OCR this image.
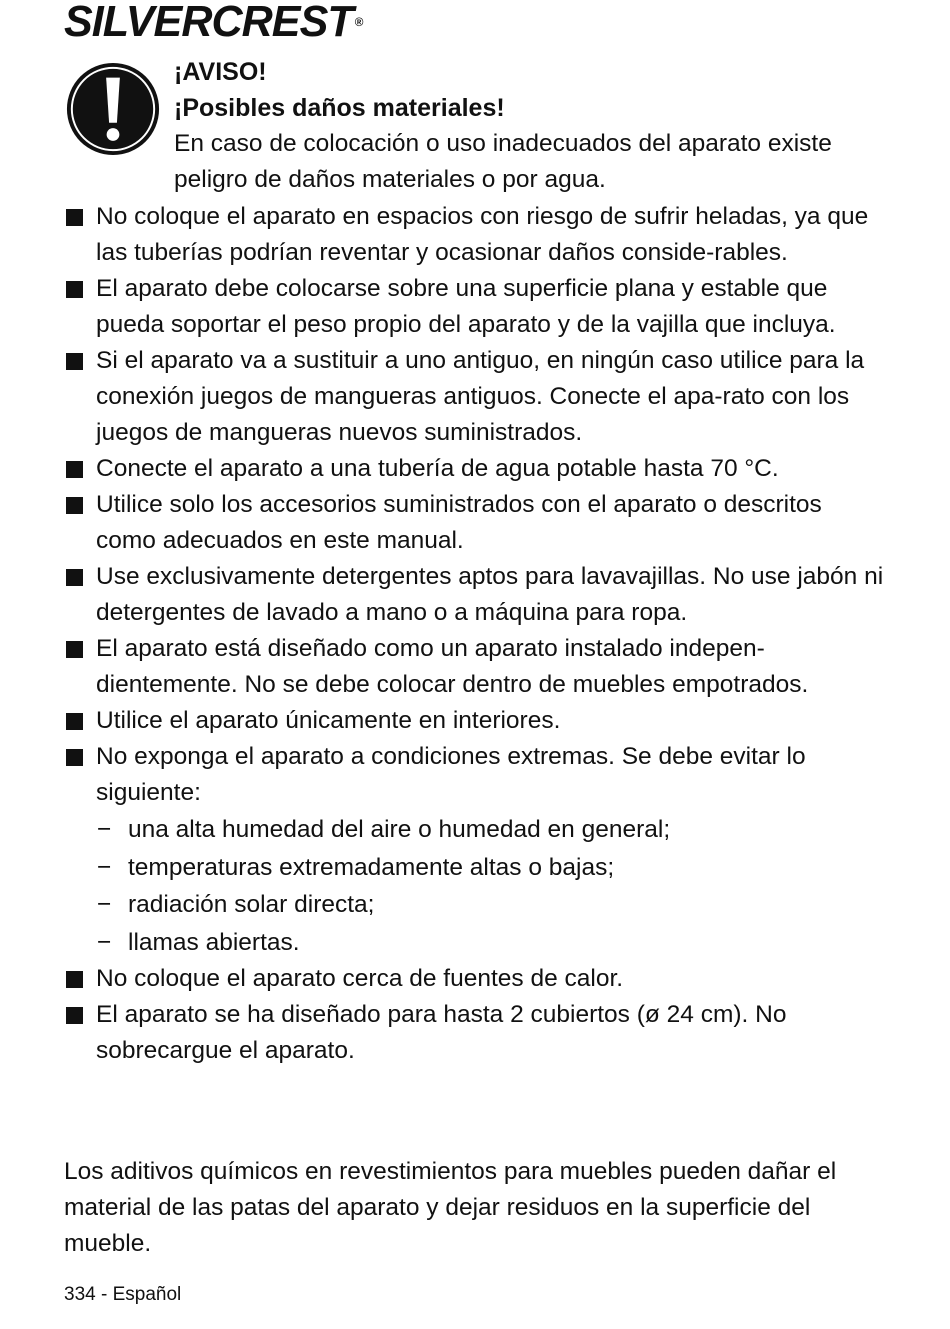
SILVERCREST ®
¡AVISO!
¡Posibles daños materiales!
En caso de colocación o uso inadecuados del aparato existe peligro de daños materiales o por agua.
No coloque el aparato en espacios con riesgo de sufrir heladas, ya que las tuberías podrían reventar y ocasionar daños conside-rables.
El aparato debe colocarse sobre una superficie plana y estable que pueda soportar el peso propio del aparato y de la vajilla que incluya.
Si el aparato va a sustituir a uno antiguo, en ningún caso utilice para la conexión juegos de mangueras antiguos. Conecte el apa-rato con los juegos de mangueras nuevos suministrados.
Conecte el aparato a una tubería de agua potable hasta 70 °C.
Utilice solo los accesorios suministrados con el aparato o descritos como adecuados en este manual.
Use exclusivamente detergentes aptos para lavavajillas. No use jabón ni detergentes de lavado a mano o a máquina para ropa.
El aparato está diseñado como un aparato instalado indepen-dientemente. No se debe colocar dentro de muebles empotrados.
Utilice el aparato únicamente en interiores.
No exponga el aparato a condiciones extremas. Se debe evitar lo siguiente:
− una alta humedad del aire o humedad en general;
− temperaturas extremadamente altas o bajas;
− radiación solar directa;
− llamas abiertas.
No coloque el aparato cerca de fuentes de calor.
El aparato se ha diseñado para hasta 2 cubiertos (ø 24 cm). No sobrecargue el aparato.
Los aditivos químicos en revestimientos para muebles pueden dañar el material de las patas del aparato y dejar residuos en la superficie del mueble.
334 - Español
